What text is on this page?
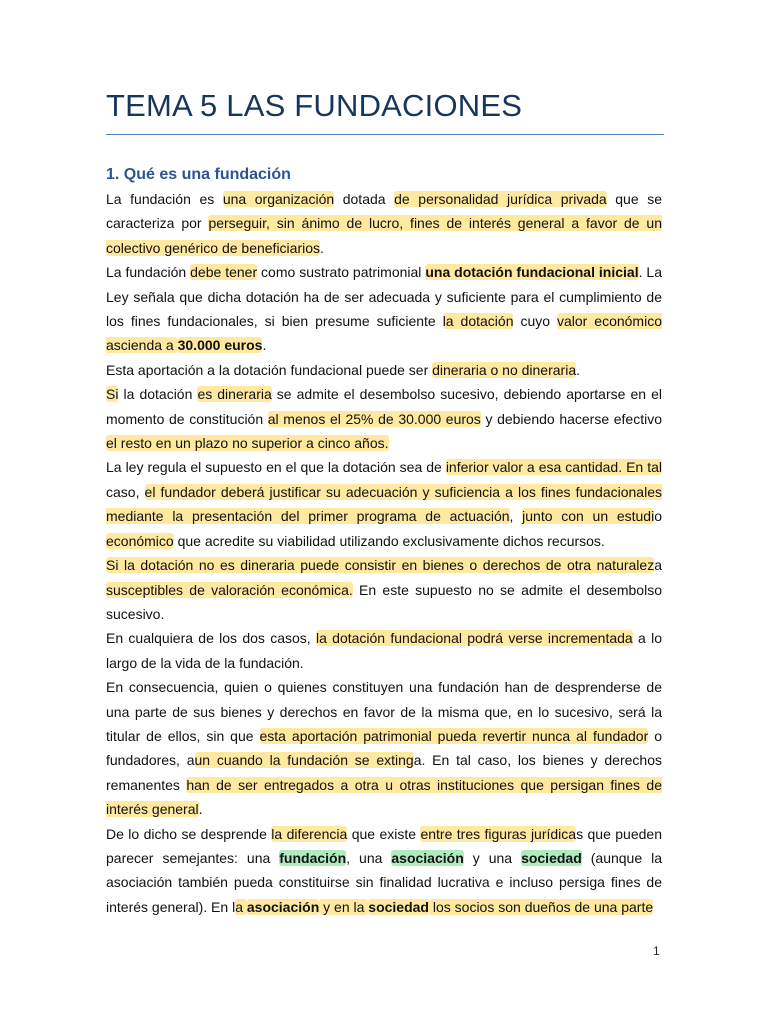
TEMA 5 LAS FUNDACIONES
1. Qué es una fundación

La fundación es una organización dotada de personalidad jurídica privada que se caracteriza por perseguir, sin ánimo de lucro, fines de interés general a favor de un colectivo genérico de beneficiarios.

La fundación debe tener como sustrato patrimonial una dotación fundacional inicial. La Ley señala que dicha dotación ha de ser adecuada y suficiente para el cumplimiento de los fines fundacionales, si bien presume suficiente la dotación cuyo valor económico ascienda a 30.000 euros.

Esta aportación a la dotación fundacional puede ser dineraria o no dineraria.

Si la dotación es dineraria se admite el desembolso sucesivo, debiendo aportarse en el momento de constitución al menos el 25% de 30.000 euros y debiendo hacerse efectivo el resto en un plazo no superior a cinco años.

La ley regula el supuesto en el que la dotación sea de inferior valor a esa cantidad. En tal caso, el fundador deberá justificar su adecuación y suficiencia a los fines fundacionales mediante la presentación del primer programa de actuación, junto con un estudio económico que acredite su viabilidad utilizando exclusivamente dichos recursos.

Si la dotación no es dineraria puede consistir en bienes o derechos de otra naturaleza susceptibles de valoración económica. En este supuesto no se admite el desembolso sucesivo.

En cualquiera de los dos casos, la dotación fundacional podrá verse incrementada a lo largo de la vida de la fundación.

En consecuencia, quien o quienes constituyen una fundación han de desprenderse de una parte de sus bienes y derechos en favor de la misma que, en lo sucesivo, será la titular de ellos, sin que esta aportación patrimonial pueda revertir nunca al fundador o fundadores, aun cuando la fundación se extinga. En tal caso, los bienes y derechos remanentes han de ser entregados a otra u otras instituciones que persigan fines de interés general.

De lo dicho se desprende la diferencia que existe entre tres figuras jurídicas que pueden parecer semejantes: una fundación, una asociación y una sociedad (aunque la asociación también pueda constituirse sin finalidad lucrativa e incluso persiga fines de interés general). En la asociación y en la sociedad los socios son dueños de una parte

1
